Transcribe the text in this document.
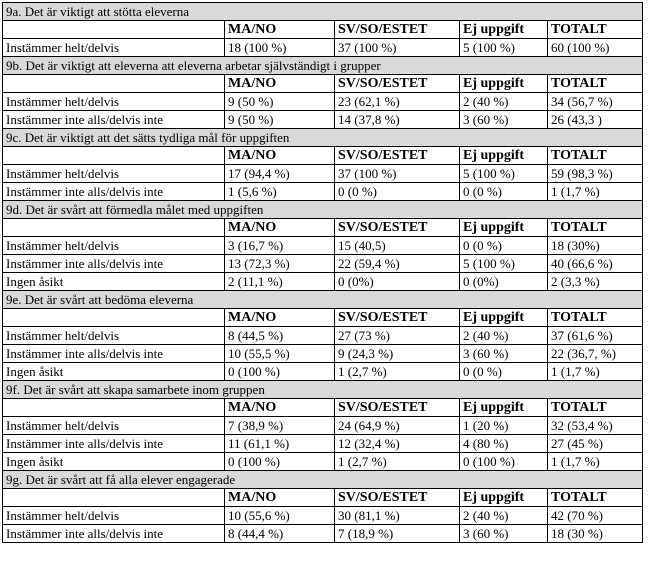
9a. Det är viktigt att stötta eleverna				
	MA/NO	SV/SO/ESTET	Ej uppgift	TOTALT
Instämmer helt/delvis	18 (100 %)	37 (100 %)	5 (100 %)	60 (100 %)
9b. Det är viktigt att eleverna att eleverna arbetar självständigt i grupper				
	MA/NO	SV/SO/ESTET	Ej uppgift	TOTALT
Instämmer helt/delvis	9 (50 %)	23 (62,1 %)	2 (40 %)	34 (56,7 %)
Instämmer inte alls/delvis inte	9 (50 %)	14 (37,8 %)	3 (60 %)	26 (43,3 )
9c. Det är viktigt att det sätts tydliga mål för uppgiften				
	MA/NO	SV/SO/ESTET	Ej uppgift	TOTALT
Instämmer helt/delvis	17 (94,4 %)	37 (100 %)	5 (100 %)	59 (98,3 %)
Instämmer inte alls/delvis inte	1 (5,6 %)	0 (0 %)	0 (0 %)	1 (1,7 %)
9d. Det är svårt att förmedla målet med uppgiften				
	MA/NO	SV/SO/ESTET	Ej uppgift	TOTALT
Instämmer helt/delvis	3 (16,7 %)	15 (40,5)	0 (0 %)	18 (30%)
Instämmer inte alls/delvis inte	13 (72,3 %)	22 (59,4 %)	5 (100 %)	40 (66,6 %)
Ingen åsikt	2 (11,1 %)	0 (0%)	0 (0%)	2 (3,3 %)
9e. Det är svårt att bedöma eleverna				
	MA/NO	SV/SO/ESTET	Ej uppgift	TOTALT
Instämmer helt/delvis	8 (44,5 %)	27 (73 %)	2 (40 %)	37 (61,6 %)
Instämmer inte alls/delvis inte	10 (55,5 %)	9 (24,3 %)	3 (60 %)	22 (36,7, %)
Ingen åsikt	0 (100 %)	1 (2,7 %)	0 (0 %)	1 (1,7 %)
9f. Det är svårt att skapa samarbete inom gruppen				
	MA/NO	SV/SO/ESTET	Ej uppgift	TOTALT
Instämmer helt/delvis	7 (38,9 %)	24 (64,9 %)	1 (20 %)	32 (53,4 %)
Instämmer inte alls/delvis inte	11 (61,1 %)	12 (32,4 %)	4 (80 %)	27 (45 %)
Ingen åsikt	0 (100 %)	1 (2,7 %)	0 (100 %)	1 (1,7 %)
9g. Det är svårt att få alla elever engagerade				
	MA/NO	SV/SO/ESTET	Ej uppgift	TOTALT
Instämmer helt/delvis	10 (55,6 %)	30 (81,1 %)	2 (40 %)	42 (70 %)
Instämmer inte alls/delvis inte	8 (44,4 %)	7 (18,9 %)	3 (60 %)	18 (30 %)
